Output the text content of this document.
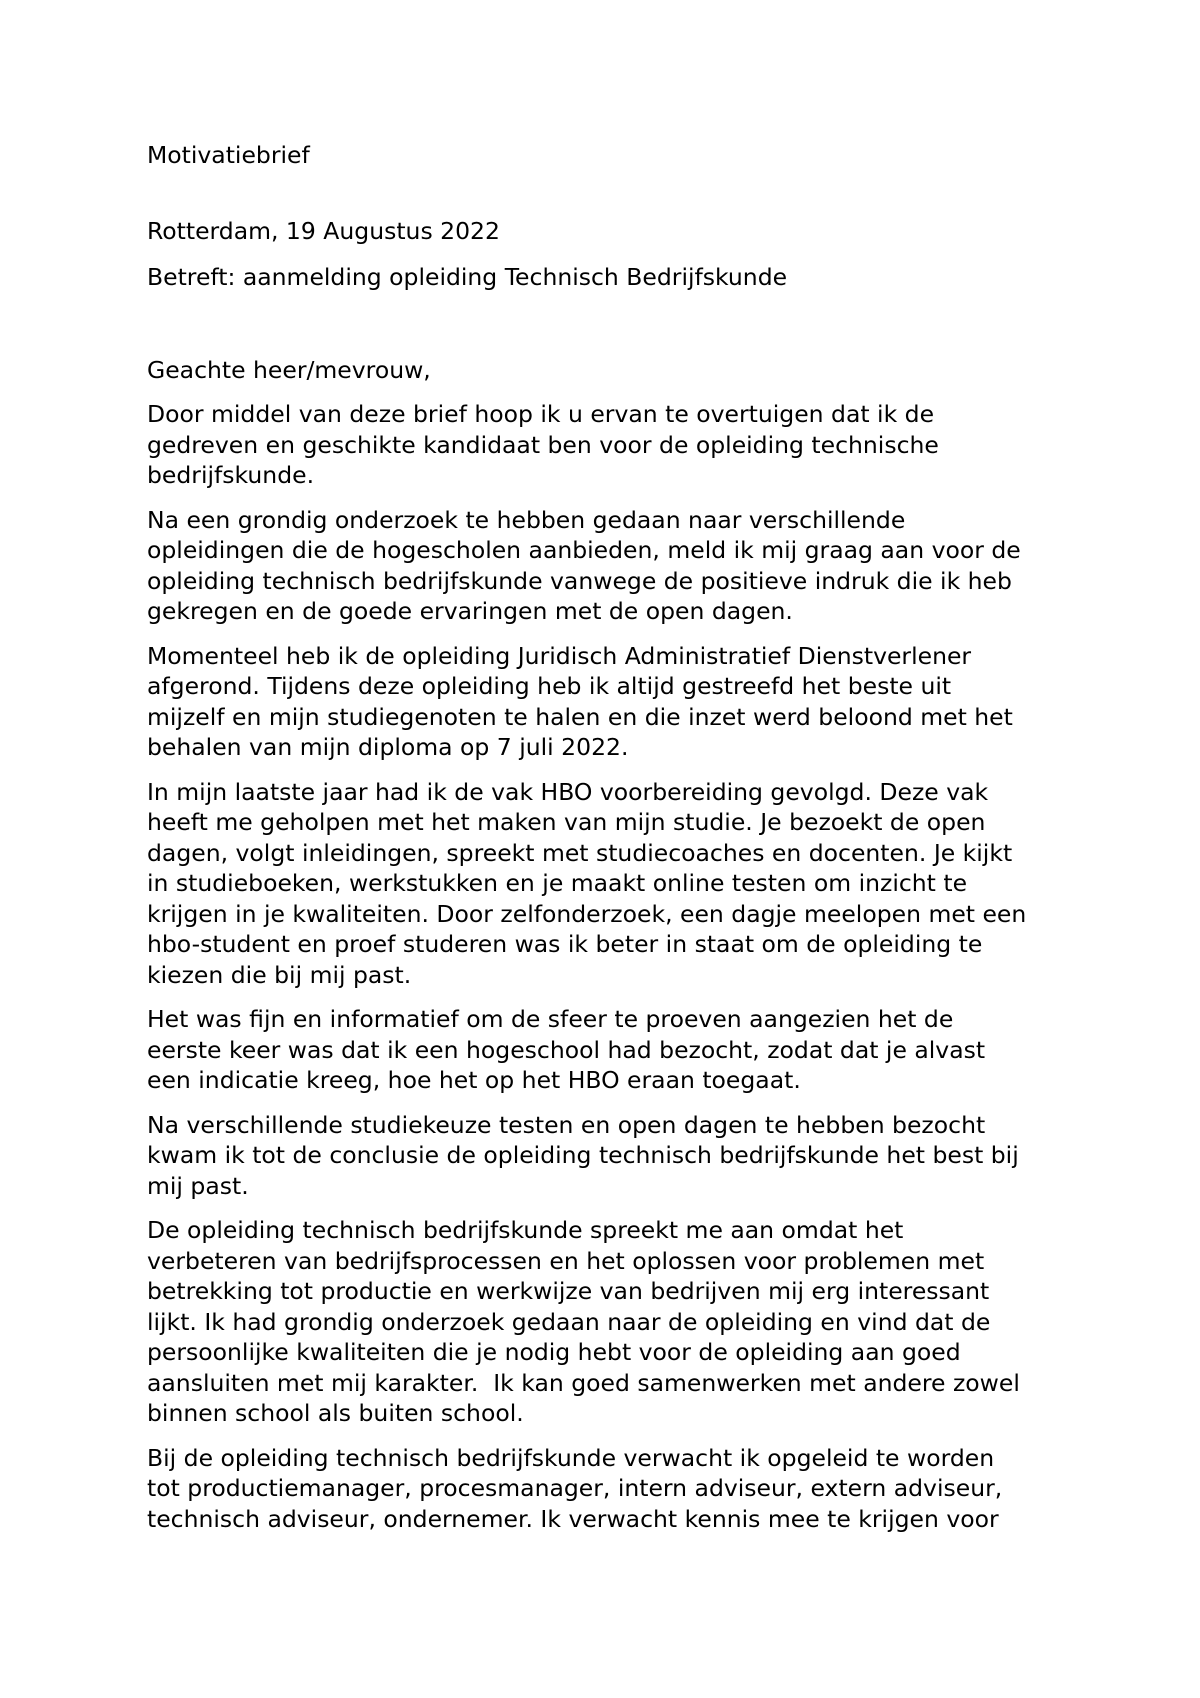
Motivatiebrief

Rotterdam, 19 Augustus 2022

Betreft: aanmelding opleiding Technisch Bedrijfskunde

Geachte heer/mevrouw,

Door middel van deze brief hoop ik u ervan te overtuigen dat ik de
gedreven en geschikte kandidaat ben voor de opleiding technische
bedrijfskunde.

Na een grondig onderzoek te hebben gedaan naar verschillende
opleidingen die de hogescholen aanbieden, meld ik mij graag aan voor de
opleiding technisch bedrijfskunde vanwege de positieve indruk die ik heb
gekregen en de goede ervaringen met de open dagen.

Momenteel heb ik de opleiding Juridisch Administratief Dienstverlener
afgerond. Tijdens deze opleiding heb ik altijd gestreefd het beste uit
mijzelf en mijn studiegenoten te halen en die inzet werd beloond met het
behalen van mijn diploma op 7 juli 2022.

In mijn laatste jaar had ik de vak HBO voorbereiding gevolgd. Deze vak
heeft me geholpen met het maken van mijn studie. Je bezoekt de open
dagen, volgt inleidingen, spreekt met studiecoaches en docenten. Je kijkt
in studieboeken, werkstukken en je maakt online testen om inzicht te
krijgen in je kwaliteiten. Door zelfonderzoek, een dagje meelopen met een
hbo-student en proef studeren was ik beter in staat om de opleiding te
kiezen die bij mij past.

Het was fijn en informatief om de sfeer te proeven aangezien het de
eerste keer was dat ik een hogeschool had bezocht, zodat dat je alvast
een indicatie kreeg, hoe het op het HBO eraan toegaat.

Na verschillende studiekeuze testen en open dagen te hebben bezocht
kwam ik tot de conclusie de opleiding technisch bedrijfskunde het best bij
mij past.

De opleiding technisch bedrijfskunde spreekt me aan omdat het
verbeteren van bedrijfsprocessen en het oplossen voor problemen met
betrekking tot productie en werkwijze van bedrijven mij erg interessant
lijkt. Ik had grondig onderzoek gedaan naar de opleiding en vind dat de
persoonlijke kwaliteiten die je nodig hebt voor de opleiding aan goed
aansluiten met mij karakter.  Ik kan goed samenwerken met andere zowel
binnen school als buiten school.

Bij de opleiding technisch bedrijfskunde verwacht ik opgeleid te worden
tot productiemanager, procesmanager, intern adviseur, extern adviseur,
technisch adviseur, ondernemer. Ik verwacht kennis mee te krijgen voor
